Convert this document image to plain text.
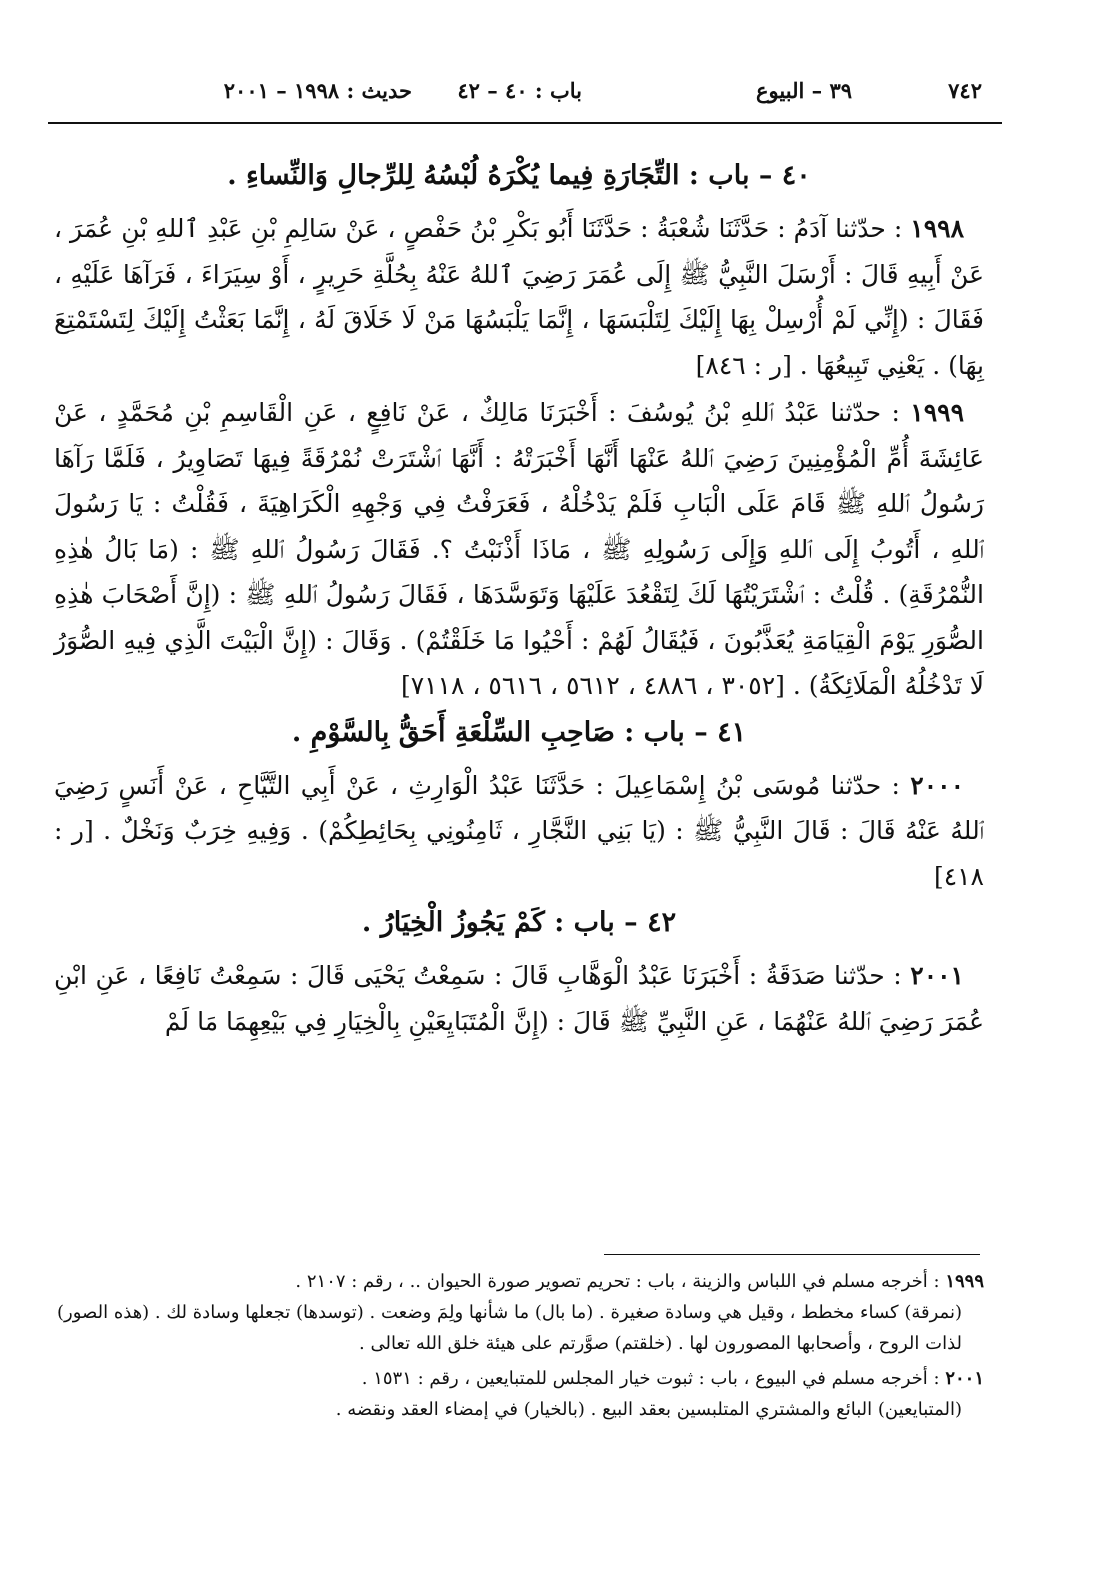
٧٤٢
٣٩ – البيوع
باب : ٤٠ – ٤٢
حديث : ١٩٩٨ – ٢٠٠١
٤٠ – باب : التِّجَارَةِ فِيما يُكْرَهُ لُبْسُهُ لِلرِّجالِ وَالنِّساءِ .

١٩٩٨ : حدّثنا آدَمُ : حَدَّثَنَا شُعْبَةُ : حَدَّثَنَا أَبُو بَكْرِ بْنُ حَفْصٍ ، عَنْ سَالِمِ بْنِ عَبْدِ ٱللهِ بْنِ عُمَرَ ، عَنْ أَبِيهِ قَالَ : أَرْسَلَ النَّبِيُّ ﷺ إِلَى عُمَرَ رَضِيَ ٱللهُ عَنْهُ بِحُلَّةِ حَرِيرٍ ، أَوْ سِيَرَاءَ ، فَرَآهَا عَلَيْهِ ، فَقَالَ : (إِنِّي لَمْ أُرْسِلْ بِهَا إِلَيْكَ لِتَلْبَسَهَا ، إِنَّمَا يَلْبَسُهَا مَنْ لَا خَلَاقَ لَهُ ، إِنَّمَا بَعَثْتُ إِلَيْكَ لِتَسْتَمْتِعَ بِهَا) . يَعْنِي تَبِيعُهَا . [ر : ٨٤٦]

١٩٩٩ : حدّثنا عَبْدُ ٱللهِ بْنُ يُوسُفَ : أَخْبَرَنَا مَالِكٌ ، عَنْ نَافِعٍ ، عَنِ الْقَاسِمِ بْنِ مُحَمَّدٍ ، عَنْ عَائِشَةَ أُمِّ الْمُؤْمِنِينَ رَضِيَ ٱللهُ عَنْهَا أَنَّهَا أَخْبَرَتْهُ : أَنَّهَا ٱشْتَرَتْ نُمْرُقَةً فِيهَا تَصَاوِيرُ ، فَلَمَّا رَآهَا رَسُولُ ٱللهِ ﷺ قَامَ عَلَى الْبَابِ فَلَمْ يَدْخُلْهُ ، فَعَرَفْتُ فِي وَجْهِهِ الْكَرَاهِيَةَ ، فَقُلْتُ : يَا رَسُولَ ٱللهِ ، أَتُوبُ إِلَى ٱللهِ وَإِلَى رَسُولِهِ ﷺ ، مَاذَا أَذْنَبْتُ ؟. فَقَالَ رَسُولُ ٱللهِ ﷺ : (مَا بَالُ هٰذِهِ النُّمْرُقَةِ) . قُلْتُ : ٱشْتَرَيْتُهَا لَكَ لِتَقْعُدَ عَلَيْهَا وَتَوَسَّدَهَا ، فَقَالَ رَسُولُ ٱللهِ ﷺ : (إِنَّ أَصْحَابَ هٰذِهِ الصُّوَرِ يَوْمَ الْقِيَامَةِ يُعَذَّبُونَ ، فَيُقَالُ لَهُمْ : أَحْيُوا مَا خَلَقْتُمْ) . وَقَالَ : (إِنَّ الْبَيْتَ الَّذِي فِيهِ الصُّوَرُ لَا تَدْخُلُهُ الْمَلَائِكَةُ) . [٣٠٥٢ ، ٤٨٨٦ ، ٥٦١٢ ، ٥٦١٦ ، ٧١١٨]

٤١ – باب : صَاحِبِ السِّلْعَةِ أَحَقُّ بِالسَّوْمِ .

٢٠٠٠ : حدّثنا مُوسَى بْنُ إِسْمَاعِيلَ : حَدَّثَنَا عَبْدُ الْوَارِثِ ، عَنْ أَبِي التَّيَّاحِ ، عَنْ أَنَسٍ رَضِيَ ٱللهُ عَنْهُ قَالَ : قَالَ النَّبِيُّ ﷺ : (يَا بَنِي النَّجَّارِ ، ثَامِنُونِي بِحَائِطِكُمْ) . وَفِيهِ خِرَبٌ وَنَخْلٌ . [ر : ٤١٨]

٤٢ – باب : كَمْ يَجُوزُ الْخِيَارُ .

٢٠٠١ : حدّثنا صَدَقَةُ : أَخْبَرَنَا عَبْدُ الْوَهَّابِ قَالَ : سَمِعْتُ يَحْيَى قَالَ : سَمِعْتُ نَافِعًا ، عَنِ ابْنِ عُمَرَ رَضِيَ ٱللهُ عَنْهُمَا ، عَنِ النَّبِيِّ ﷺ قَالَ : (إِنَّ الْمُتَبَايِعَيْنِ بِالْخِيَارِ فِي بَيْعِهِمَا مَا لَمْ

١٩٩٩ : أخرجه مسلم في اللباس والزينة ، باب : تحريم تصوير صورة الحيوان .. ، رقم : ٢١٠٧ .
(نمرقة) كساء مخطط ، وقيل هي وسادة صغيرة . (ما بال) ما شأنها ولِمَ وضعت . (توسدها) تجعلها وسادة لك . (هذه الصور) لذات الروح ، وأصحابها المصورون لها . (خلقتم) صوَّرتم على هيئة خلق الله تعالى .
٢٠٠١ : أخرجه مسلم في البيوع ، باب : ثبوت خيار المجلس للمتبايعين ، رقم : ١٥٣١ .
(المتبايعين) البائع والمشتري المتلبسين بعقد البيع . (بالخيار) في إمضاء العقد ونقضه .
